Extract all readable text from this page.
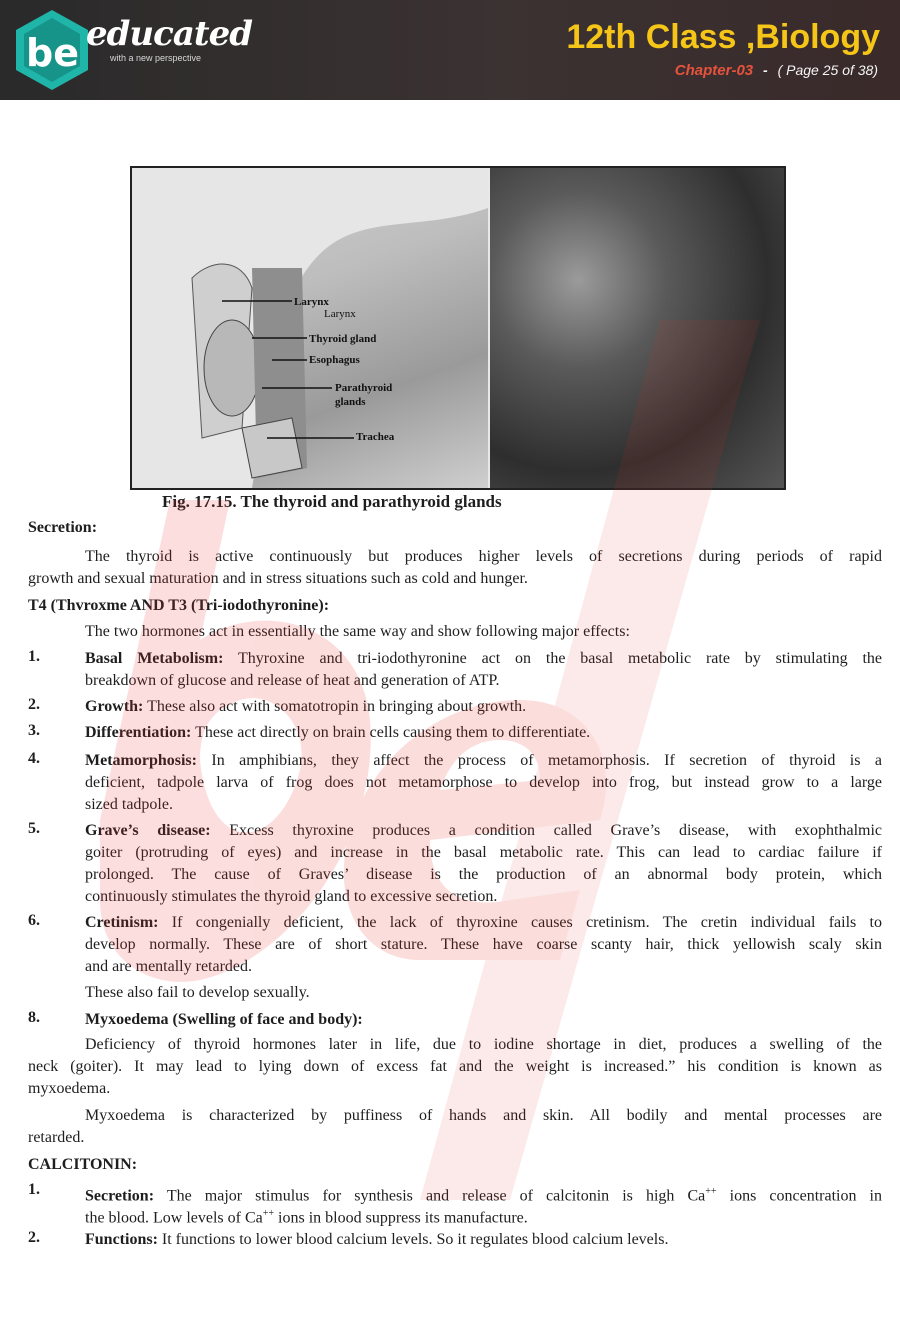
be educated
with a new perspective
12th Class ,Biology
Chapter-03 - ( Page 25 of 38)
Larynx
Larynx
Thyroid gland
Esophagus
Parathyroid
glands
Trachea
Fig. 17.15. The thyroid and parathyroid glands
Secretion:
The thyroid is active continuously but produces higher levels of secretions during periods of rapid
growth and sexual maturation and in stress situations such as cold and hunger.
T4 (Thvroxme AND T3 (Tri-iodothyronine):
The two hormones act in essentially the same way and show following major effects:
1.	Basal Metabolism: Thyroxine and tri-iodothyronine act on the basal metabolic rate by stimulating the
breakdown of glucose and release of heat and generation of ATP.
2.	Growth: These also act with somatotropin in bringing about growth.
3.	Differentiation: These act directly on brain cells causing them to differentiate.
4.	Metamorphosis: In amphibians, they affect the process of metamorphosis. If secretion of thyroid is a
deficient, tadpole larva of frog does not metamorphose to develop into frog, but instead grow to a large
sized tadpole.
5.	Grave’s disease: Excess thyroxine produces a condition called Grave’s disease, with exophthalmic
goiter (protruding of eyes) and increase in the basal metabolic rate. This can lead to cardiac failure if
prolonged. The cause of Graves’ disease is the production of an abnormal body protein, which
continuously stimulates the thyroid gland to excessive secretion.
6.	Cretinism: If congenially deficient, the lack of thyroxine causes cretinism. The cretin individual fails to
develop normally. These are of short stature. These have coarse scanty hair, thick yellowish scaly skin
and are mentally retarded.
These also fail to develop sexually.
8.	Myxoedema (Swelling of face and body):
Deficiency of thyroid hormones later in life, due to iodine shortage in diet, produces a swelling of the
neck (goiter). It may lead to lying down of excess fat and the weight is increased.” his condition is known as
myxoedema.
Myxoedema is characterized by puffiness of hands and skin. All bodily and mental processes are
retarded.
CALCITONIN:
1.	Secretion: The major stimulus for synthesis and release of calcitonin is high Ca++ ions concentration in
the blood. Low levels of Ca++ ions in blood suppress its manufacture.
2.	Functions: It functions to lower blood calcium levels. So it regulates blood calcium levels.
